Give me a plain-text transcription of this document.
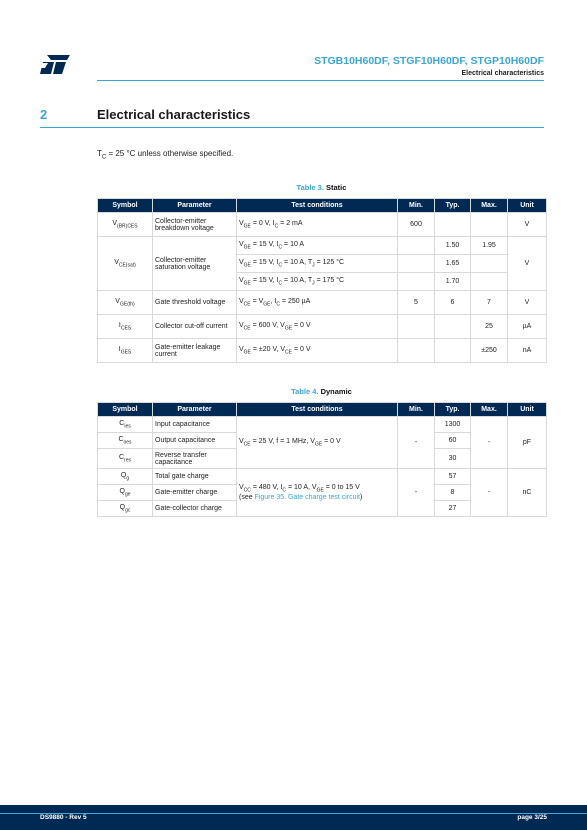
STGB10H60DF, STGF10H60DF, STGP10H60DF
Electrical characteristics
2	Electrical characteristics
$T_C = 25$ °C unless otherwise specified.
Table 3. Static
Symbol	Parameter	Test conditions	Min.	Typ.	Max.	Unit
$V_{(BR)CES}$	Collector-emitter breakdown voltage	$V_{GE} = 0$ V, $I_C = 2$ mA	600			V
$V_{CE(sat)}$	Collector-emitter saturation voltage	$V_{GE} = 15$ V, $I_C = 10$ A		1.50	1.95	V
		$V_{GE} = 15$ V, $I_C = 10$ A, $T_J = 125$ °C		1.65		
		$V_{GE} = 15$ V, $I_C = 10$ A, $T_J = 175$ °C		1.70		
$V_{GE(th)}$	Gate threshold voltage	$V_{CE} = V_{GE}$, $I_C = 250$ µA	5	6	7	V
$I_{CES}$	Collector cut-off current	$V_{CE} = 600$ V, $V_{GE} = 0$ V			25	µA
$I_{GES}$	Gate-emitter leakage current	$V_{GE} = \pm 20$ V, $V_{CE} = 0$ V			±250	nA
Table 4. Dynamic
Symbol	Parameter	Test conditions	Min.	Typ.	Max.	Unit
$C_{ies}$	Input capacitance	$V_{CE} = 25$ V, f = 1 MHz, $V_{GE} = 0$ V	-	1300	-	pF
$C_{oes}$	Output capacitance			60		
$C_{res}$	Reverse transfer capacitance			30		
$Q_g$	Total gate charge	$V_{CC} = 480$ V, $I_C = 10$ A, $V_{GE} = 0$ to 15 V
(see Figure 35. Gate charge test circuit)	-	57	-	nC
$Q_{ge}$	Gate-emitter charge			8		
$Q_{gc}$	Gate-collector charge			27		
DS9880 - Rev 5	page 3/25
